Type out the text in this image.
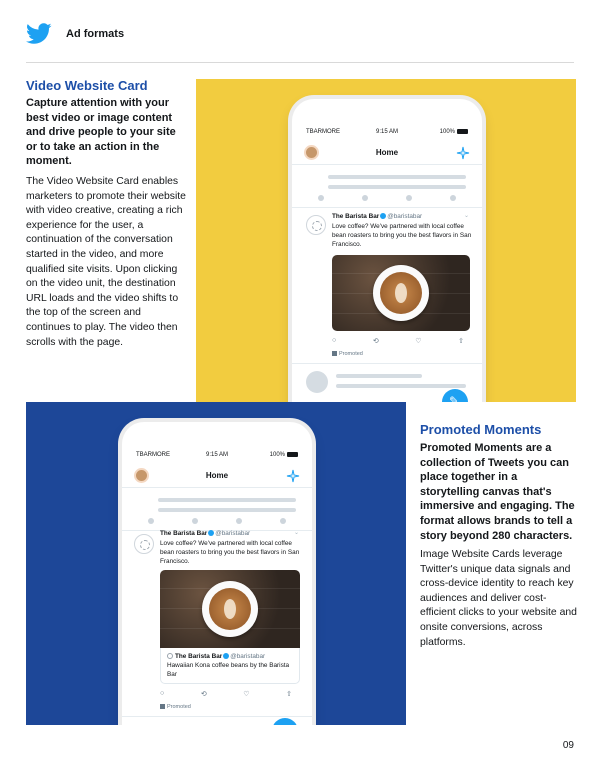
Ad formats
Video Website Card

Capture attention with your best video or image content and drive people to your site or to take an action in the moment.

The Video Website Card enables marketers to promote their website with video creative, creating a rich experience for the user, a continuation of the conversation started in the video, and more qualified site visits. Upon clicking on the video unit, the destination URL loads and the video shifts to the top of the screen and continues to play. The video then scrolls with the page.

TBARMORE	9:15 AM	100%
Home
The Barista Bar @baristabar	⌄
Love coffee? We've partnered with local coffee bean roasters to bring you the best flavors in San Francisco.
○	⟲	♡	⇧
Promoted
✎
TBARMORE	9:15 AM	100%
Home
The Barista Bar @baristabar	⌄
Love coffee? We've partnered with local coffee bean roasters to bring you the best flavors in San Francisco.
The Barista Bar @baristabar
Hawaiian Kona coffee beans by the Barista Bar
○	⟲	♡	⇧
Promoted
✎
Promoted Moments

Promoted Moments are a collection of Tweets you can place together in a storytelling canvas that's immersive and engaging. The format allows brands to tell a story beyond 280 characters.

Image Website Cards leverage Twitter's unique data signals and cross-device identity to reach key audiences and deliver cost-efficient clicks to your website and onsite conversions, across platforms.

09
